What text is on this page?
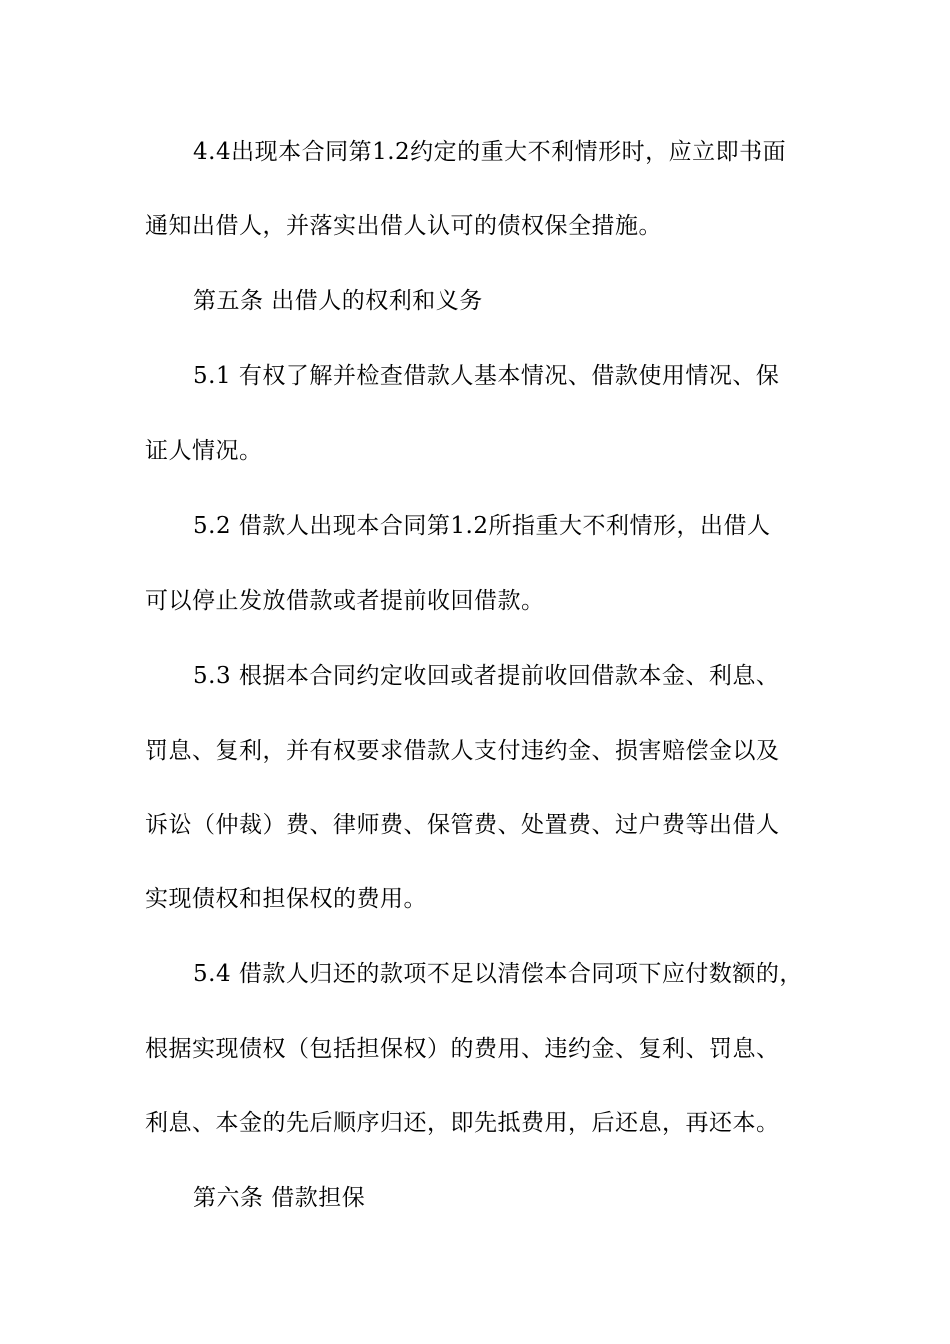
4.4出现本合同第1.2约定的重大不利情形时，应立即书面
通知出借人，并落实出借人认可的债权保全措施。
第五条 出借人的权利和义务
5.1 有权了解并检查借款人基本情况、借款使用情况、保
证人情况。
5.2 借款人出现本合同第1.2所指重大不利情形，出借人
可以停止发放借款或者提前收回借款。
5.3 根据本合同约定收回或者提前收回借款本金、利息、
罚息、复利，并有权要求借款人支付违约金、损害赔偿金以及
诉讼（仲裁）费、律师费、保管费、处置费、过户费等出借人
实现债权和担保权的费用。
5.4 借款人归还的款项不足以清偿本合同项下应付数额的，
根据实现债权（包括担保权）的费用、违约金、复利、罚息、
利息、本金的先后顺序归还，即先抵费用，后还息，再还本。
第六条 借款担保
